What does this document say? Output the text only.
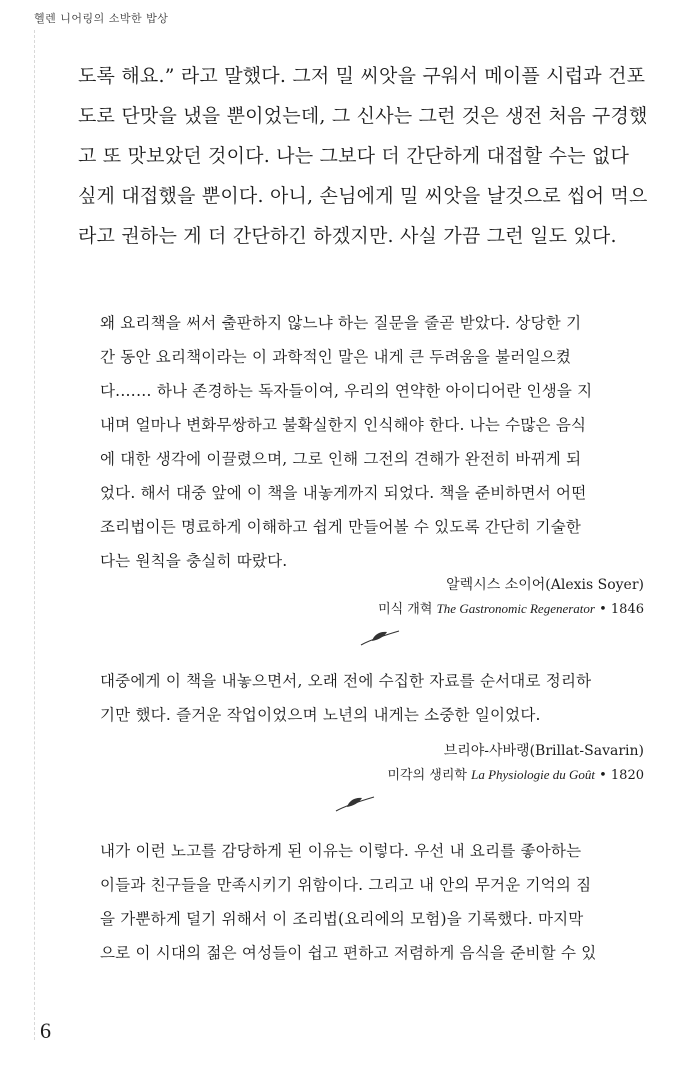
헬렌 니어링의 소박한 밥상
도록 해요.” 라고 말했다. 그저 밀 씨앗을 구워서 메이플 시럽과 건포
도로 단맛을 냈을 뿐이었는데, 그 신사는 그런 것은 생전 처음 구경했
고 또 맛보았던 것이다. 나는 그보다 더 간단하게 대접할 수는 없다
싶게 대접했을 뿐이다. 아니, 손님에게 밀 씨앗을 날것으로 씹어 먹으
라고 권하는 게 더 간단하긴 하겠지만. 사실 가끔 그런 일도 있다.
왜 요리책을 써서 출판하지 않느냐 하는 질문을 줄곧 받았다. 상당한 기
간 동안 요리책이라는 이 과학적인 말은 내게 큰 두려움을 불러일으켰
다.…… 하나 존경하는 독자들이여, 우리의 연약한 아이디어란 인생을 지
내며 얼마나 변화무쌍하고 불확실한지 인식해야 한다. 나는 수많은 음식
에 대한 생각에 이끌렸으며, 그로 인해 그전의 견해가 완전히 바뀌게 되
었다. 해서 대중 앞에 이 책을 내놓게까지 되었다. 책을 준비하면서 어떤
조리법이든 명료하게 이해하고 쉽게 만들어볼 수 있도록 간단히 기술한
다는 원칙을 충실히 따랐다.
알렉시스 소이어(Alexis Soyer)
미식 개혁 The Gastronomic Regenerator • 1846
대중에게 이 책을 내놓으면서, 오래 전에 수집한 자료를 순서대로 정리하
기만 했다. 즐거운 작업이었으며 노년의 내게는 소중한 일이었다.
브리야-사바랭(Brillat-Savarin)
미각의 생리학 La Physiologie du Goût • 1820
내가 이런 노고를 감당하게 된 이유는 이렇다. 우선 내 요리를 좋아하는
이들과 친구들을 만족시키기 위함이다. 그리고 내 안의 무거운 기억의 짐
을 가뿐하게 덜기 위해서 이 조리법(요리에의 모험)을 기록했다. 마지막
으로 이 시대의 젊은 여성들이 쉽고 편하고 저렴하게 음식을 준비할 수 있
6
